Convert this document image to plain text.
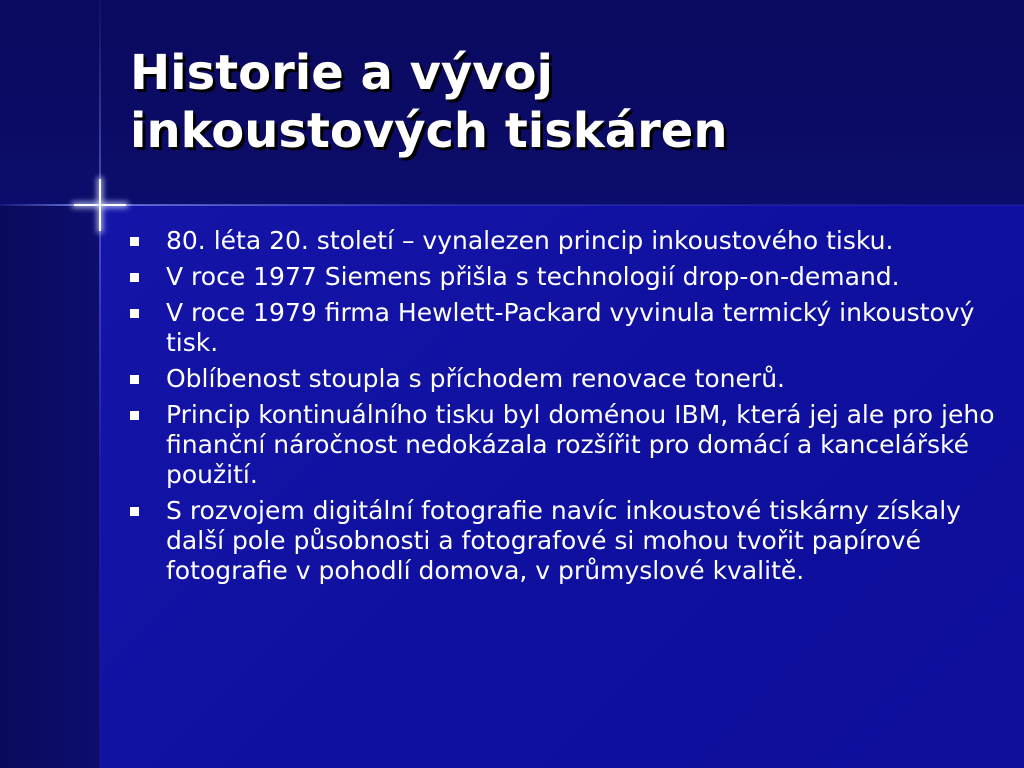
Historie a vývoj
inkoustových tiskáren
80. léta 20. století – vynalezen princip inkoustového tisku.
V roce 1977 Siemens přišla s technologií drop-on-demand.
V roce 1979 firma Hewlett-Packard vyvinula termický inkoustový tisk.
Oblíbenost stoupla s příchodem renovace tonerů.
Princip kontinuálního tisku byl doménou IBM, která jej ale pro jeho finanční náročnost nedokázala rozšířit pro domácí a kancelářské použití.
S rozvojem digitální fotografie navíc inkoustové tiskárny získaly další pole působnosti a fotografové si mohou tvořit papírové fotografie v pohodlí domova, v průmyslové kvalitě.
